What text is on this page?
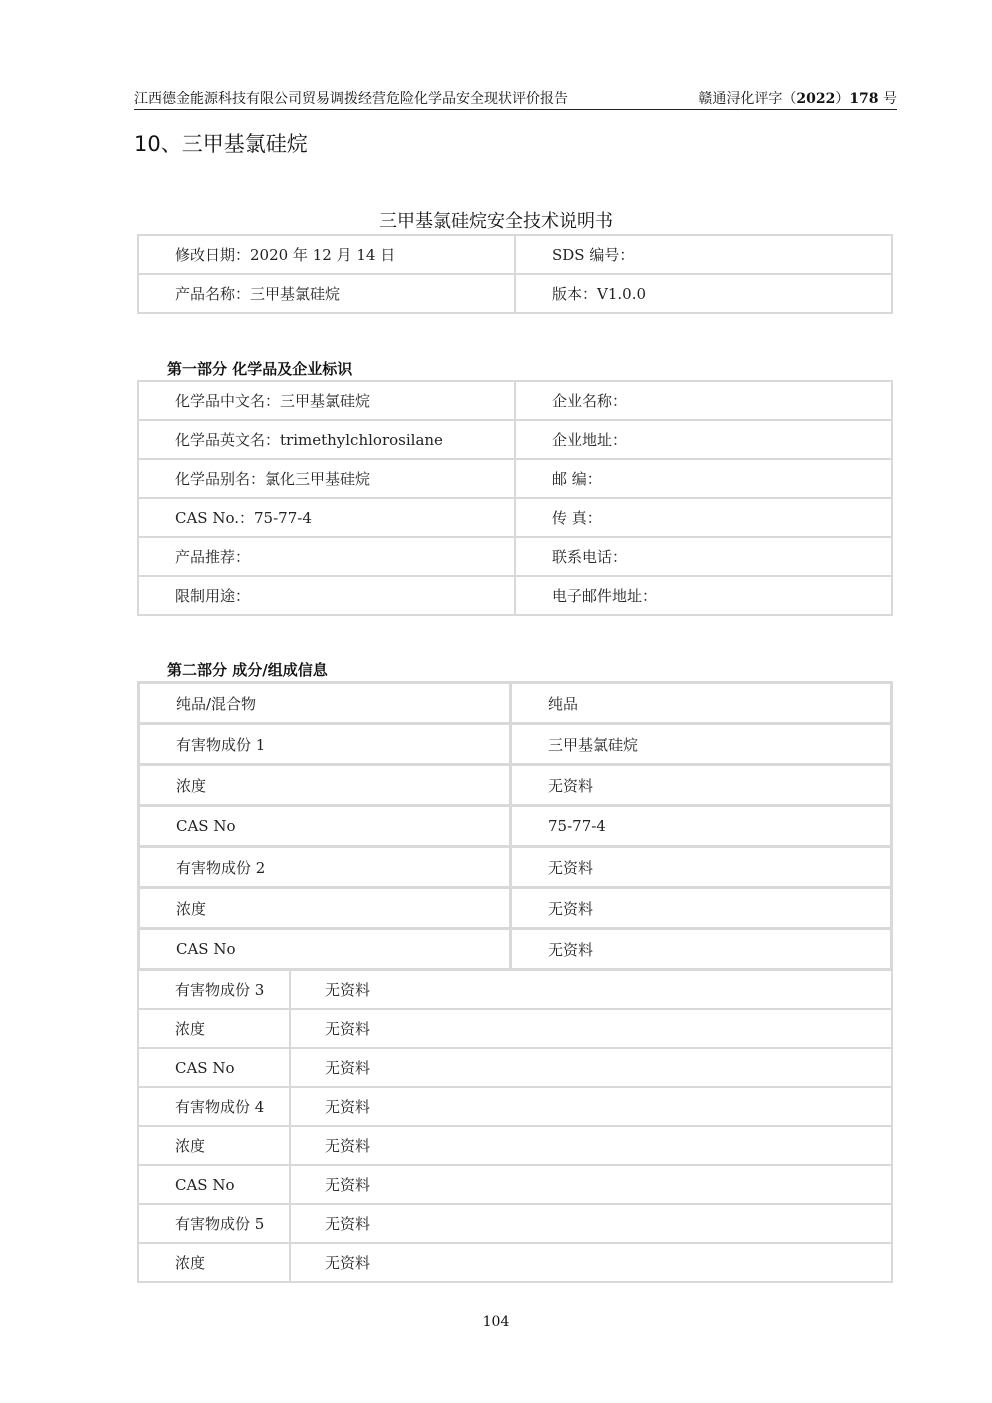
江西德金能源科技有限公司贸易调拨经营危险化学品安全现状评价报告	赣通浔化评字（2022）178 号
10、三甲基氯硅烷
三甲基氯硅烷安全技术说明书
修改日期：2020 年 12 月 14 日	SDS 编号：
产品名称：三甲基氯硅烷	版本：V1.0.0
第一部分 化学品及企业标识
化学品中文名：三甲基氯硅烷	企业名称：
化学品英文名：trimethylchlorosilane	企业地址：
化学品别名：氯化三甲基硅烷	邮 编：
CAS No.：75-77-4	传 真：
产品推荐：	联系电话：
限制用途：	电子邮件地址：
第二部分 成分/组成信息
纯品/混合物	纯品
有害物成份 1	三甲基氯硅烷
浓度	无资料
CAS No	75-77-4
有害物成份 2	无资料
浓度	无资料
CAS No	无资料
有害物成份 3	无资料
浓度	无资料
CAS No	无资料
有害物成份 4	无资料
浓度	无资料
CAS No	无资料
有害物成份 5	无资料
浓度	无资料
104
